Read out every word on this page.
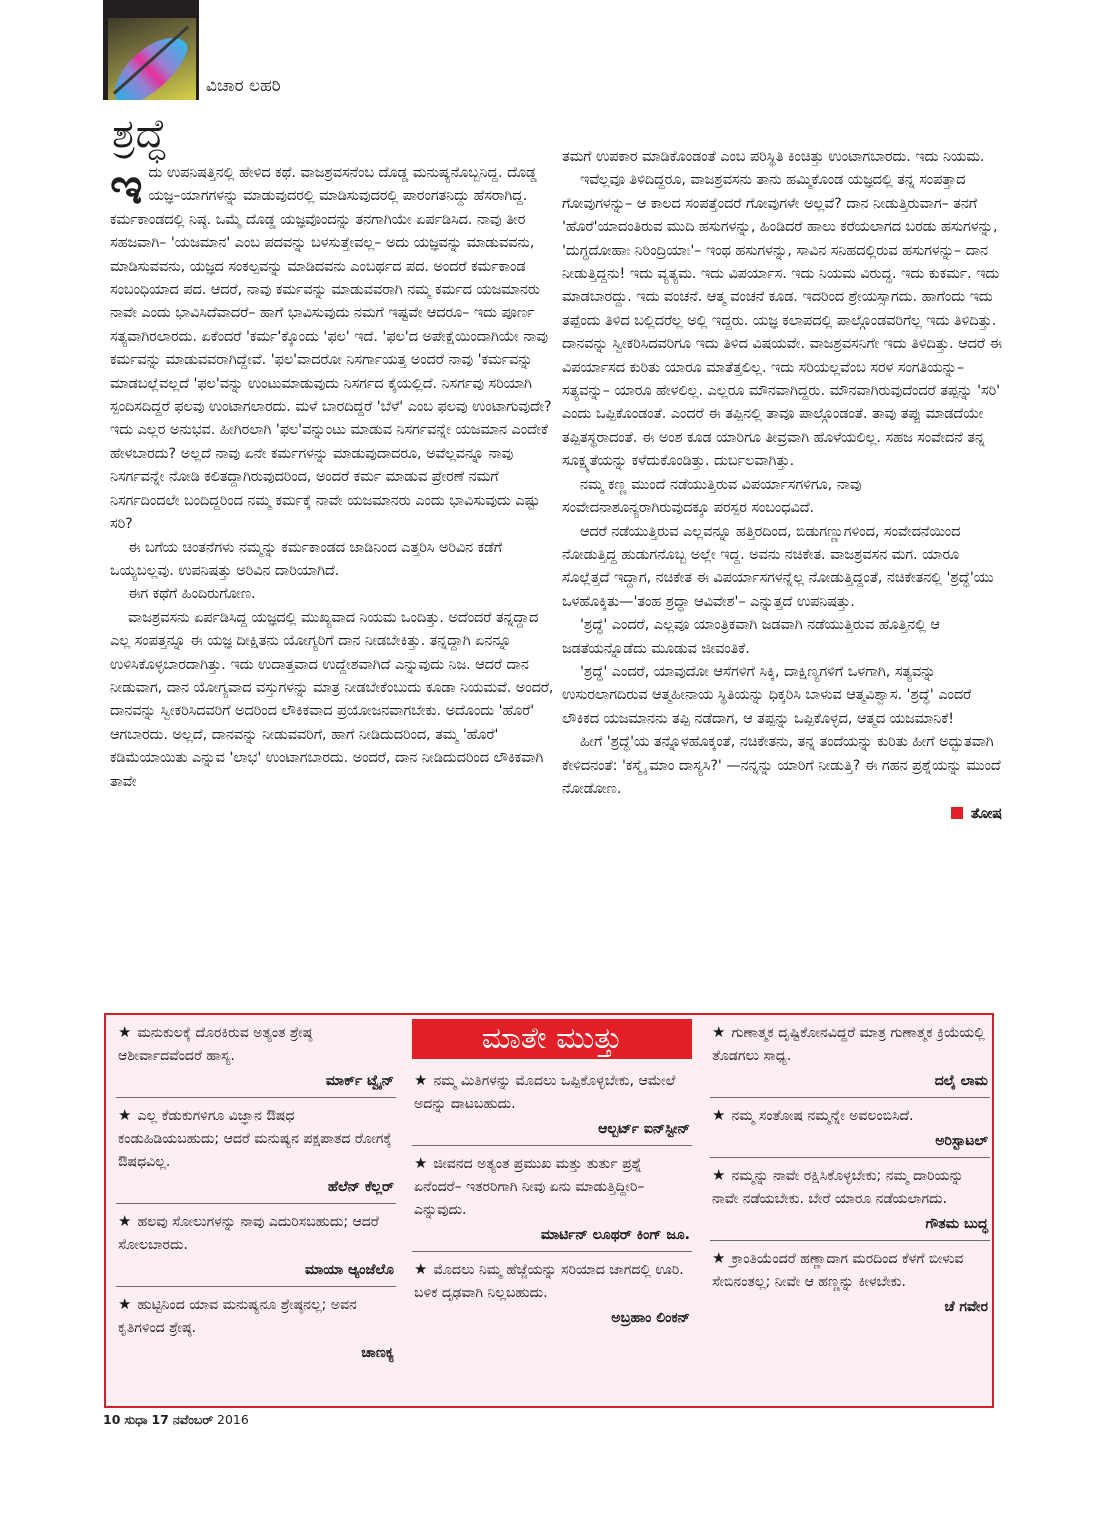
ವಿಚಾರ ಲಹರಿ
ಶ್ರದ್ಧೆ

ಇದು ಉಪನಿಷತ್ತಿನಲ್ಲಿ ಹೇಳಿದ ಕಥೆ. ವಾಜಶ್ರವಸನೆಂಬ ದೊಡ್ಡ ಮನುಷ್ಯನೊಬ್ಬನಿದ್ದ. ದೊಡ್ಡ ಯಜ್ಞ–ಯಾಗಗಳನ್ನು ಮಾಡುವುದರಲ್ಲಿ ಮಾಡಿಸುವುದರಲ್ಲಿ ಪಾರಂಗತನಿದ್ದು ಹೆಸರಾಗಿದ್ದ. ಕರ್ಮಕಾಂಡದಲ್ಲಿ ನಿಷ್ಠ. ಒಮ್ಮೆ ದೊಡ್ಡ ಯಜ್ಞವೊಂದನ್ನು ತನಗಾಗಿಯೇ ಏರ್ಪಡಿಸಿದ. ನಾವು ತೀರ ಸಹಜವಾಗಿ– 'ಯಜಮಾನ' ಎಂಬ ಪದವನ್ನು ಬಳಸುತ್ತೇವಲ್ಲ– ಅದು ಯಜ್ಞವನ್ನು ಮಾಡುವವನು, ಮಾಡಿಸುವವನು, ಯಜ್ಞದ ಸಂಕಲ್ಪವನ್ನು ಮಾಡಿದವನು ಎಂಬರ್ಥದ ಪದ. ಅಂದರೆ ಕರ್ಮಕಾಂಡ ಸಂಬಂಧಿಯಾದ ಪದ. ಆದರೆ, ನಾವು ಕರ್ಮವನ್ನು ಮಾಡುವವರಾಗಿ ನಮ್ಮ ಕರ್ಮದ ಯಜಮಾನರು ನಾವೇ ಎಂದು ಭಾವಿಸಿದೆವಾದರೆ– ಹಾಗೆ ಭಾವಿಸುವುದು ನಮಗೆ ಇಷ್ಟವೇ ಆದರೂ– ಇದು ಪೂರ್ಣ ಸತ್ಯವಾಗಿರಲಾರದು. ಏಕೆಂದರೆ 'ಕರ್ಮ'ಕ್ಕೊಂದು 'ಫಲ' ಇದೆ. 'ಫಲ'ದ ಅಪೇಕ್ಷೆಯಿಂದಾಗಿಯೇ ನಾವು ಕರ್ಮವನ್ನು ಮಾಡುವವರಾಗಿದ್ದೇವೆ. 'ಫಲ'ವಾದರೋ ನಿಸರ್ಗಾಯತ್ತ ಅಂದರೆ ನಾವು 'ಕರ್ಮವನ್ನು ಮಾಡಬಲ್ಲೆವಲ್ಲದೆ 'ಫಲ'ವನ್ನು ಉಂಟುಮಾಡುವುದು ನಿಸರ್ಗದ ಕೈಯಲ್ಲಿದೆ. ನಿಸರ್ಗವು ಸರಿಯಾಗಿ ಸ್ಪಂದಿಸದಿದ್ದರೆ ಫಲವು ಉಂಟಾಗಲಾರದು. ಮಳೆ ಬಾರದಿದ್ದರೆ 'ಬೆಳೆ' ಎಂಬ ಫಲವು ಉಂಟಾಗುವುದೇ? ಇದು ಎಲ್ಲರ ಅನುಭವ. ಹೀಗಿರಲಾಗಿ 'ಫಲ'ವನ್ನುಂಟು ಮಾಡುವ ನಿಸರ್ಗವನ್ನೇ ಯಜಮಾನ ಎಂದೇಕೆ ಹೇಳಬಾರದು? ಅಲ್ಲದೆ ನಾವು ಏನೇ ಕರ್ಮಗಳನ್ನು ಮಾಡುವುದಾದರೂ, ಅವೆಲ್ಲವನ್ನೂ ನಾವು ನಿಸರ್ಗವನ್ನೇ ನೋಡಿ ಕಲಿತದ್ದಾಗಿರುವುದರಿಂದ, ಅಂದರೆ ಕರ್ಮ ಮಾಡುವ ಪ್ರೇರಣೆ ನಮಗೆ ನಿಸರ್ಗದಿಂದಲೇ ಬಂದಿದ್ದರಿಂದ ನಮ್ಮ ಕರ್ಮಕ್ಕೆ ನಾವೇ ಯಜಮಾನರು ಎಂದು ಭಾವಿಸುವುದು ಎಷ್ಟು ಸರಿ?

ಈ ಬಗೆಯ ಚಿಂತನೆಗಳು ನಮ್ಮನ್ನು ಕರ್ಮಕಾಂಡದ ಜಾಡಿನಿಂದ ಎತ್ತರಿಸಿ ಅರಿವಿನ ಕಡೆಗೆ ಒಯ್ಯಬಲ್ಲವು. ಉಪನಿಷತ್ತು ಅರಿವಿನ ದಾರಿಯಾಗಿದೆ.

ಈಗ ಕಥೆಗೆ ಹಿಂದಿರುಗೋಣ.

ವಾಜಶ್ರವಸನು ಏರ್ಪಡಿಸಿದ್ದ ಯಜ್ಞದಲ್ಲಿ ಮುಖ್ಯವಾದ ನಿಯಮ ಒಂದಿತ್ತು. ಅದೆಂದರೆ ತನ್ನದ್ದಾದ ಎಲ್ಲ ಸಂಪತ್ತನ್ನೂ ಈ ಯಜ್ಞ ದೀಕ್ಷಿತನು ಯೋಗ್ಯರಿಗೆ ದಾನ ನೀಡಬೇಕಿತ್ತು. ತನ್ನದ್ದಾಗಿ ಏನನ್ನೂ ಉಳಿಸಿಕೊಳ್ಳಬಾರದಾಗಿತ್ತು. ಇದು ಉದಾತ್ತವಾದ ಉದ್ದೇಶವಾಗಿದೆ ಎನ್ನುವುದು ನಿಜ. ಆದರೆ ದಾನ ನೀಡುವಾಗ, ದಾನ ಯೋಗ್ಯವಾದ ವಸ್ತುಗಳನ್ನು ಮಾತ್ರ ನೀಡಬೇಕೆಂಬುದು ಕೂಡಾ ನಿಯಮವೆ. ಅಂದರೆ, ದಾನವನ್ನು ಸ್ವೀಕರಿಸಿದವರಿಗೆ ಅದರಿಂದ ಲೌಕಿಕವಾದ ಪ್ರಯೋಜನವಾಗಬೇಕು. ಅದೊಂದು 'ಹೊರೆ' ಆಗಬಾರದು. ಅಲ್ಲದೆ, ದಾನವನ್ನು ನೀಡುವವರಿಗೆ, ಹಾಗೆ ನೀಡಿದುದರಿಂದ, ತಮ್ಮ 'ಹೊರೆ' ಕಡಿಮೆಯಾಯಿತು ಎನ್ನುವ 'ಲಾಭ' ಉಂಟಾಗಬಾರದು. ಅಂದರೆ, ದಾನ ನೀಡಿದುದರಿಂದ ಲೌಕಿಕವಾಗಿ ತಾವೇ

ತಮಗೆ ಉಪಕಾರ ಮಾಡಿಕೊಂಡಂತೆ ಎಂಬ ಪರಿಸ್ಥಿತಿ ಕಿಂಚಿತ್ತು ಉಂಟಾಗಬಾರದು. ಇದು ನಿಯಮ.

ಇವೆಲ್ಲವೂ ತಿಳಿದಿದ್ದರೂ, ವಾಜಶ್ರವಸನು ತಾನು ಹಮ್ಮಿಕೊಂಡ ಯಜ್ಞದಲ್ಲಿ ತನ್ನ ಸಂಪತ್ತಾದ ಗೋವುಗಳನ್ನು– ಆ ಕಾಲದ ಸಂಪತ್ತೆಂದರೆ ಗೋವುಗಳೇ ಅಲ್ಲವೆ? ದಾನ ನೀಡುತ್ತಿರುವಾಗ– ತನಗೆ 'ಹೊರೆ'ಯಾದಂತಿರುವ ಮುದಿ ಹಸುಗಳನ್ನು, ಹಿಂಡಿದರೆ ಹಾಲು ಕರೆಯಲಾಗದ ಬರಡು ಹಸುಗಳನ್ನು, 'ದುಗ್ಧದೋಹಾಃ ನಿರಿಂದ್ರಿಯಾಃ'– ಇಂಥ ಹಸುಗಳನ್ನು, ಸಾವಿನ ಸನಿಹದಲ್ಲಿರುವ ಹಸುಗಳನ್ನು– ದಾನ ನೀಡುತ್ತಿದ್ದನು! ಇದು ವ್ಯತ್ಯಮ. ಇದು ವಿಪರ್ಯಾಸ. ಇದು ನಿಯಮ ವಿರುದ್ಧ. ಇದು ಕುಕರ್ಮ. ಇದು ಮಾಡಬಾರದ್ದು. ಇದು ವಂಚನೆ. ಆತ್ಮ ವಂಚನೆ ಕೂಡ. ಇದರಿಂದ ಶ್ರೇಯಸ್ಸಾಗದು. ಹಾಗೆಂದು ಇದು ತಪ್ಪೆಂದು ತಿಳಿದ ಬಲ್ಲಿದರೆಲ್ಲ ಅಲ್ಲಿ ಇದ್ದರು. ಯಜ್ಞ ಕಲಾಪದಲ್ಲಿ ಪಾಲ್ಗೊಂಡವರಿಗೆಲ್ಲ ಇದು ತಿಳಿದಿತ್ತು. ದಾನವನ್ನು ಸ್ವೀಕರಿಸಿದವರಿಗೂ ಇದು ತಿಳಿದ ವಿಷಯವೇ. ವಾಜಶ್ರವಸನಿಗೇ ಇದು ತಿಳಿದಿತ್ತು. ಆದರೆ ಈ ವಿಪರ್ಯಾಸದ ಕುರಿತು ಯಾರೂ ಮಾತೆತ್ತಲಿಲ್ಲ. ಇದು ಸರಿಯಲ್ಲವೆಂಬ ಸರಳ ಸಂಗತಿಯನ್ನು– ಸತ್ಯವನ್ನು– ಯಾರೂ ಹೇಳಲಿಲ್ಲ. ಎಲ್ಲರೂ ಮೌನವಾಗಿದ್ದರು. ಮೌನವಾಗಿರುವುದೆಂದರೆ ತಪ್ಪನ್ನು 'ಸರಿ' ಎಂದು ಒಪ್ಪಿಕೊಂಡಂತೆ. ಎಂದರೆ ಈ ತಪ್ಪಿನಲ್ಲಿ ತಾವೂ ಪಾಲ್ಗೊಂಡಂತೆ. ತಾವು ತಪ್ಪು ಮಾಡದೆಯೇ ತಪ್ಪಿತಸ್ಥರಾದಂತೆ. ಈ ಅಂಶ ಕೂಡ ಯಾರಿಗೂ ತೀವ್ರವಾಗಿ ಹೊಳೆಯಲಿಲ್ಲ. ಸಹಜ ಸಂವೇದನೆ ತನ್ನ ಸೂಕ್ಷ್ಮತೆಯನ್ನು ಕಳೆದುಕೊಂಡಿತ್ತು. ದುರ್ಬಲವಾಗಿತ್ತು.

ನಮ್ಮ ಕಣ್ಣ ಮುಂದೆ ನಡೆಯುತ್ತಿರುವ ವಿಪರ್ಯಾಸಗಳಿಗೂ, ನಾವು ಸಂವೇದನಾಶೂನ್ಯರಾಗಿರುವುದಕ್ಕೂ ಪರಸ್ಪರ ಸಂಬಂಧವಿದೆ.

ಆದರೆ ನಡೆಯುತ್ತಿರುವ ಎಲ್ಲವನ್ನೂ ಹತ್ತಿರದಿಂದ, ಬಿಡುಗಣ್ಣುಗಳಿಂದ, ಸಂವೇದನೆಯಿಂದ ನೋಡುತ್ತಿದ್ದ ಹುಡುಗನೊಬ್ಬ ಅಲ್ಲೇ ಇದ್ದ. ಅವನು ನಚಿಕೇತ. ವಾಜಶ್ರವಸನ ಮಗ. ಯಾರೂ ಸೊಲ್ಲೆತ್ತದೆ ಇದ್ದಾಗ, ನಚಿಕೇತ ಈ ವಿಪರ್ಯಾಸಗಳನ್ನೆಲ್ಲ ನೋಡುತ್ತಿದ್ದಂತೆ, ನಚಿಕೇತನಲ್ಲಿ 'ಶ್ರದ್ಧೆ'ಯು ಒಳಹೊಕ್ಕಿತು—'ತಂಹ ಶ್ರದ್ಧಾ ಆವಿವೇಶ'– ಎನ್ನುತ್ತದೆ ಉಪನಿಷತ್ತು.

'ಶ್ರದ್ಧೆ' ಎಂದರೆ, ಎಲ್ಲವೂ ಯಾಂತ್ರಿಕವಾಗಿ ಜಡವಾಗಿ ನಡೆಯುತ್ತಿರುವ ಹೊತ್ತಿನಲ್ಲಿ ಆ ಜಡತೆಯನ್ನೊಡೆದು ಮೂಡುವ ಜೀವಂತಿಕೆ.

'ಶ್ರದ್ಧೆ' ಎಂದರೆ, ಯಾವುದೋ ಆಸೆಗಳಿಗೆ ಸಿಕ್ಕಿ, ದಾಕ್ಷಿಣ್ಯಗಳಿಗೆ ಒಳಗಾಗಿ, ಸತ್ಯವನ್ನು ಉಸುರಲಾಗದಿರುವ ಆತ್ಮಹೀನಾಯ ಸ್ಥಿತಿಯನ್ನು ಧಿಕ್ಕರಿಸಿ ಬಾಳುವ ಆತ್ಮವಿಶ್ವಾಸ. 'ಶ್ರದ್ಧೆ' ಎಂದರೆ ಲೌಕಿಕದ ಯಜಮಾನನು ತಪ್ಪಿ ನಡೆದಾಗ, ಆ ತಪ್ಪನ್ನು ಒಪ್ಪಿಕೊಳ್ಳದ, ಆತ್ಮದ ಯಜಮಾನಿಕೆ!

ಹೀಗೆ 'ಶ್ರದ್ಧೆ'ಯ ತನ್ನೊಳಹೊಕ್ಕಂತೆ, ನಚಿಕೇತನು, ತನ್ನ ತಂದೆಯನ್ನು ಕುರಿತು ಹೀಗೆ ಅದ್ಭುತವಾಗಿ ಕೇಳಿದನಂತೆ: 'ಕಸ್ಮೈ ಮಾಂ ದಾಸ್ಯಸಿ?' —ನನ್ನನ್ನು ಯಾರಿಗೆ ನೀಡುತ್ತಿ? ಈ ಗಹನ ಪ್ರಶ್ನೆಯನ್ನು ಮುಂದೆ ನೋಡೋಣ.

ತೋಷ
★ ಮನುಕುಲಕ್ಕೆ ದೊರಕಿರುವ ಅತ್ಯಂತ ಶ್ರೇಷ್ಠ ಆಶೀರ್ವಾದವೆಂದರೆ ಹಾಸ್ಯ.
ಮಾರ್ಕ್ ಟ್ವೈನ್
★ ಎಲ್ಲ ಕೆಡುಕುಗಳಿಗೂ ವಿಜ್ಞಾನ ಔಷಧ ಕಂಡುಹಿಡಿಯಬಹುದು; ಆದರೆ ಮನುಷ್ಯನ ಪಕ್ಷಪಾತದ ರೋಗಕ್ಕೆ ಔಷಧವಿಲ್ಲ.
ಹೆಲೆನ್ ಕೆಲ್ಲರ್
★ ಹಲವು ಸೋಲುಗಳನ್ನು ನಾವು ಎದುರಿಸಬಹುದು; ಆದರೆ ಸೋಲಬಾರದು.
ಮಾಯಾ ಆ್ಯಂಜೆಲೊ
★ ಹುಟ್ಟಿನಿಂದ ಯಾವ ಮನುಷ್ಯನೂ ಶ್ರೇಷ್ಠನಲ್ಲ; ಅವನ ಕೃತಿಗಳಿಂದ ಶ್ರೇಷ್ಠ.
ಚಾಣಕ್ಯ
ಮಾತೇ ಮುತ್ತು
★ ನಮ್ಮ ಮಿತಿಗಳನ್ನು ಮೊದಲು ಒಪ್ಪಿಕೊಳ್ಳಬೇಕು, ಆಮೇಲೆ ಅದನ್ನು ದಾಟಬಹುದು.
ಆಲ್ಬರ್ಟ್ ಐನ್‌ಸ್ಟೀನ್
★ ಜೀವನದ ಅತ್ಯಂತ ಪ್ರಮುಖ ಮತ್ತು ತುರ್ತು ಪ್ರಶ್ನೆ ಏನೆಂದರೆ– ಇತರರಿಗಾಗಿ ನೀವು ಏನು ಮಾಡುತ್ತಿದ್ದೀರಿ– ಎನ್ನುವುದು.
ಮಾರ್ಟಿನ್ ಲೂಥರ್ ಕಿಂಗ್ ಜೂ.
★ ಮೊದಲು ನಿಮ್ಮ ಹೆಜ್ಜೆಯನ್ನು ಸರಿಯಾದ ಜಾಗದಲ್ಲಿ ಊರಿ. ಬಳಿಕ ದೃಢವಾಗಿ ನಿಲ್ಲಬಹುದು.
ಅಬ್ರಹಾಂ ಲಿಂಕನ್
★ ಗುಣಾತ್ಮಕ ದೃಷ್ಟಿಕೋನವಿದ್ದರೆ ಮಾತ್ರ ಗುಣಾತ್ಮಕ ಕ್ರಿಯೆಯಲ್ಲಿ ತೊಡಗಲು ಸಾಧ್ಯ.
ದಲೈ ಲಾಮ
★ ನಮ್ಮ ಸಂತೋಷ ನಮ್ಮನ್ನೇ ಅವಲಂಬಿಸಿದೆ.
ಅರಿಸ್ಟಾಟಲ್
★ ನಮ್ಮನ್ನು ನಾವೇ ರಕ್ಷಿಸಿಕೊಳ್ಳಬೇಕು; ನಮ್ಮ ದಾರಿಯನ್ನು ನಾವೇ ನಡೆಯಬೇಕು. ಬೇರೆ ಯಾರೂ ನಡೆಯಲಾಗದು.
ಗೌತಮ ಬುದ್ಧ
★ ಕ್ರಾಂತಿಯೆಂದರೆ ಹಣ್ಣಾದಾಗ ಮರದಿಂದ ಕೆಳಗೆ ಬೀಳುವ ಸೇಬಿನಂತಲ್ಲ; ನೀವೇ ಆ ಹಣ್ಣನ್ನು ಕೀಳಬೇಕು.
ಚೆ ಗವೇರ
10 ಸುಧಾ 17 ನವೆಂಬರ್ 2016
